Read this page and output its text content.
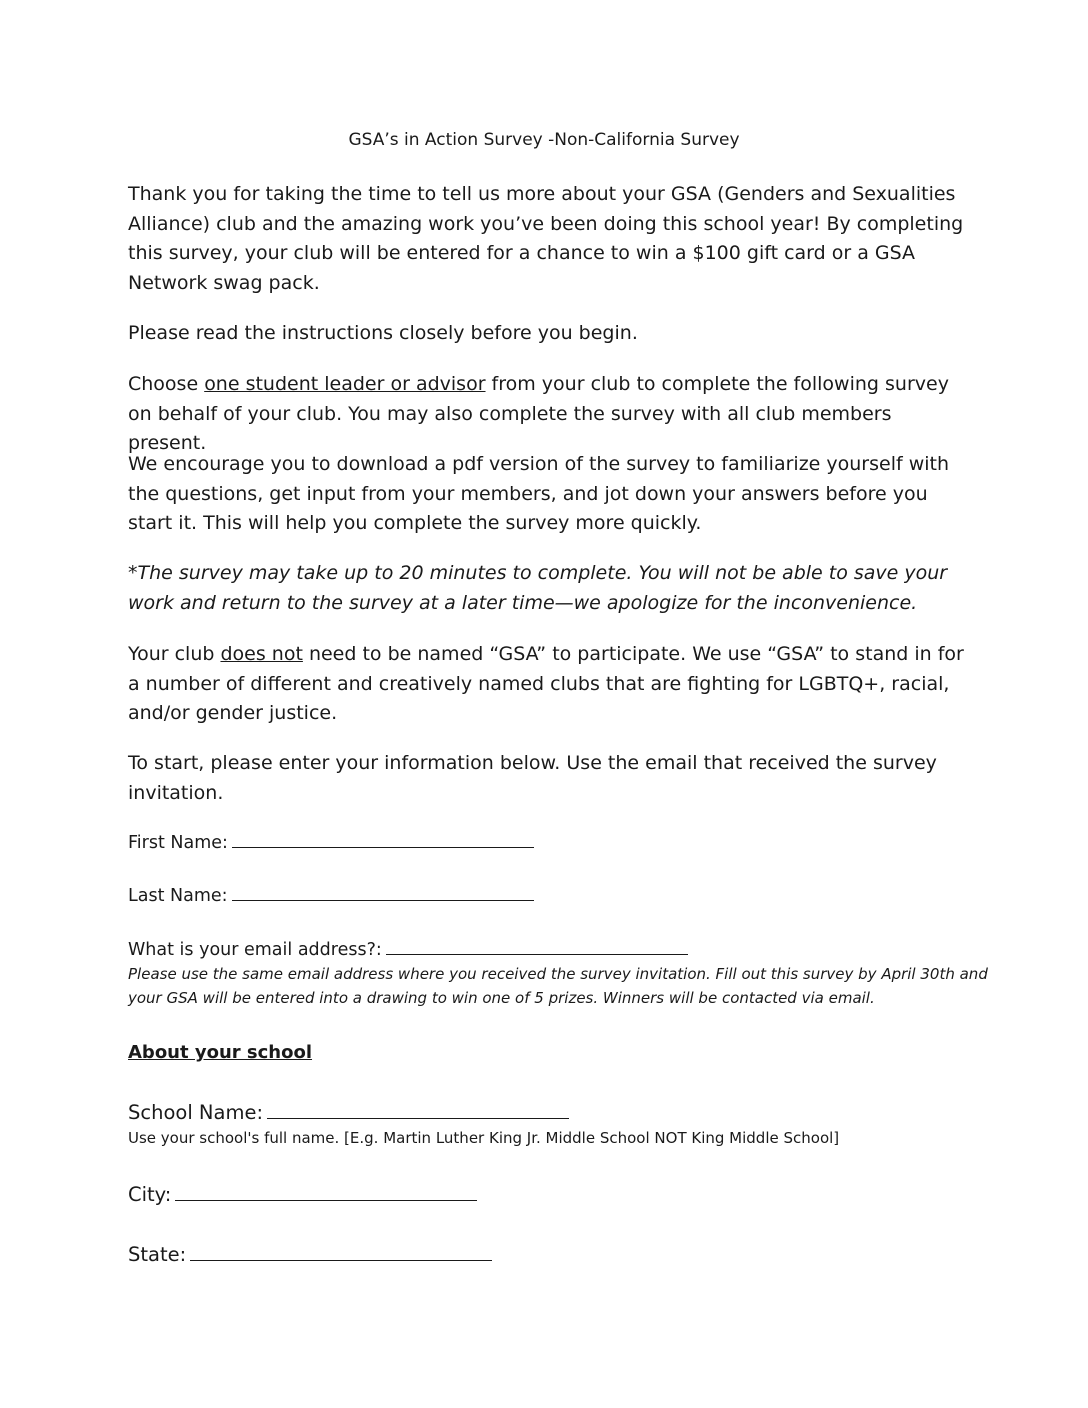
GSA’s in Action Survey -Non-California Survey
Thank you for taking the time to tell us more about your GSA (Genders and Sexualities Alliance) club and the amazing work you’ve been doing this school year! By completing this survey, your club will be entered for a chance to win a $100 gift card or a GSA Network swag pack.
Please read the instructions closely before you begin.
Choose one student leader or advisor from your club to complete the following survey on behalf of your club. You may also complete the survey with all club members present.
We encourage you to download a pdf version of the survey to familiarize yourself with the questions, get input from your members, and jot down your answers before you start it. This will help you complete the survey more quickly.
*The survey may take up to 20 minutes to complete. You will not be able to save your work and return to the survey at a later time—we apologize for the inconvenience.
Your club does not need to be named “GSA” to participate. We use “GSA” to stand in for a number of different and creatively named clubs that are fighting for LGBTQ+, racial, and/or gender justice.
To start, please enter your information below. Use the email that received the survey invitation.
First Name:
Last Name:
What is your email address?:
Please use the same email address where you received the survey invitation. Fill out this survey by April 30th and your GSA will be entered into a drawing to win one of 5 prizes. Winners will be contacted via email.
About your school
School Name:
Use your school's full name. [E.g. Martin Luther King Jr. Middle School NOT King Middle School]
City:
State:
